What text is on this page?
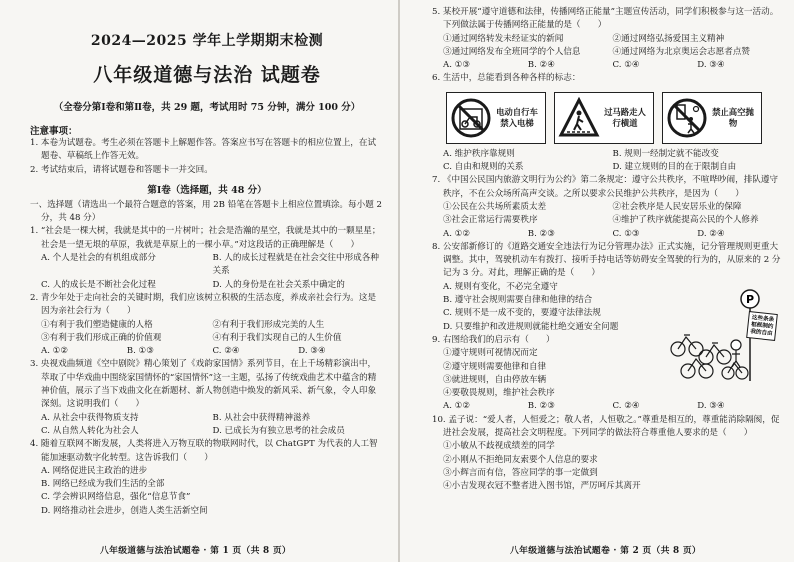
2024—2025 学年上学期期末检测
八年级道德与法治 试题卷
（全卷分第Ⅰ卷和第Ⅱ卷，共 29 题，考试用时 75 分钟，满分 100 分）
注意事项：

1. 本卷为试题卷。考生必须在答题卡上解题作答。答案应书写在答题卡的相应位置上，在试题卷、草稿纸上作答无效。

2. 考试结束后，请将试题卷和答题卡一并交回。

第Ⅰ卷（选择题，共 48 分）

一、选择题（请选出一个最符合题意的答案，用 2B 铅笔在答题卡上相应位置填涂。每小题 2 分，共 48 分）

1. “社会是一棵大树，我就是其中的一片树叶；社会是浩瀚的星空，我就是其中的一颗星星；社会是一望无垠的草原，我就是草原上的一棵小草。”对这段话的正确理解是（　　）

A. 个人是社会的有机组成部分	B. 人的成长过程就是在社会交往中形成各种关系
C. 人的成长是不断社会化过程	D. 人的身份是在社会关系中确定的

2. 青少年处于走向社会的关键时期，我们应该树立积极的生活态度，养成亲社会行为。这是因为亲社会行为（　　）

①有利于我们塑造健康的人格	②有利于我们形成完美的人生
③有利于我们形成正确的价值观	④有利于我们实现自己的人生价值
A. ①②	B. ①③	C. ②④	D. ③④

3. 央视戏曲频道《空中剧院》精心策划了《戏韵家国情》系列节目，在上千场精彩演出中，萃取了中华戏曲中围绕家国情怀的“家国情怀”这一主题，弘扬了传统戏曲艺术中蕴含的精神价值，展示了当下戏曲文化在新题材、新人物创造中焕发的新风采、新气象，令人印象深刻。这说明我们（　　）

A. 从社会中获得物质支持	B. 从社会中获得精神滋养
C. 从自然人转化为社会人	D. 已成长为有独立思考的社会成员

4. 随着互联网不断发展，人类将进入万物互联的物联网时代，以 ChatGPT 为代表的人工智能加速驱动数字化转型。这告诉我们（　　）

A. 网络促进民主政治的进步

B. 网络已经成为我们生活的全部

C. 学会辨识网络信息，强化“信息节食”

D. 网络推动社会进步，创造人类生活新空间

5. 某校开展“遵守道德和法律，传播网络正能量”主题宣传活动，同学们积极参与这一活动。下列做法属于传播网络正能量的是（　　）

①通过网络转发未经证实的新闻	②通过网络弘扬爱国主义精神
③通过网络发布全班同学的个人信息	④通过网络为北京奥运会志愿者点赞
A. ①③	B. ②④	C. ①④	D. ③④

6. 生活中，总能看到各种各样的标志：

电动自行车禁入电梯
过马路走人行横道
禁止高空抛物
A. 维护秩序靠规则	B. 规则一经制定就不能改变
C. 自由和规则的关系	D. 建立规则的目的在于限制自由

7. 《中国公民国内旅游文明行为公约》第二条规定：遵守公共秩序，不喧哗吵闹，排队遵守秩序，不在公众场所高声交谈。之所以要求公民维护公共秩序，是因为（　　）

①公民在公共场所素质太差	②社会秩序是人民安居乐业的保障
③社会正常运行需要秩序	④维护了秩序就能提高公民的个人修养
A. ①②	B. ②③	C. ①③	D. ②④

8. 公安部新修订的《道路交通安全违法行为记分管理办法》正式实施，记分管理规则更重大调整。其中，驾驶机动车有拨打、接听手持电话等妨碍安全驾驶的行为的，从原来的 2 分记为 3 分。对此，理解正确的是（　　）

A. 规则有变化，不必完全遵守

B. 遵守社会规则需要自律和他律的结合

C. 规则不是一成不变的，要遵守法律法规

D. 只要维护和改进规则就能杜绝交通安全问题

9. 右图给我们的启示有（　　）

①遵守规则可视情况而定

②遵守规则需要他律和自律

③就进规则，自由停放车辆

④要敬畏规则，维护社会秩序

P
这些条条 框框制约 我的自由
A. ①②	B. ②③	C. ②④	D. ③④

10. 孟子说：“爱人者，人恒爱之；敬人者，人恒敬之。”尊重是相互的，尊重能消除隔阂，促进社会发展，提高社会文明程度。下列同学的做法符合尊重他人要求的是（　　）

①小敏从不歧视成绩差的同学

②小刚从不拒绝同友索要个人信息的要求

③小辉言而有信，答应同学的事一定做到

④小吉发现衣冠不整者进入图书馆，严厉呵斥其离开

八年级道德与法治试题卷 · 第 1 页（共 8 页）	八年级道德与法治试题卷 · 第 2 页（共 8 页）
